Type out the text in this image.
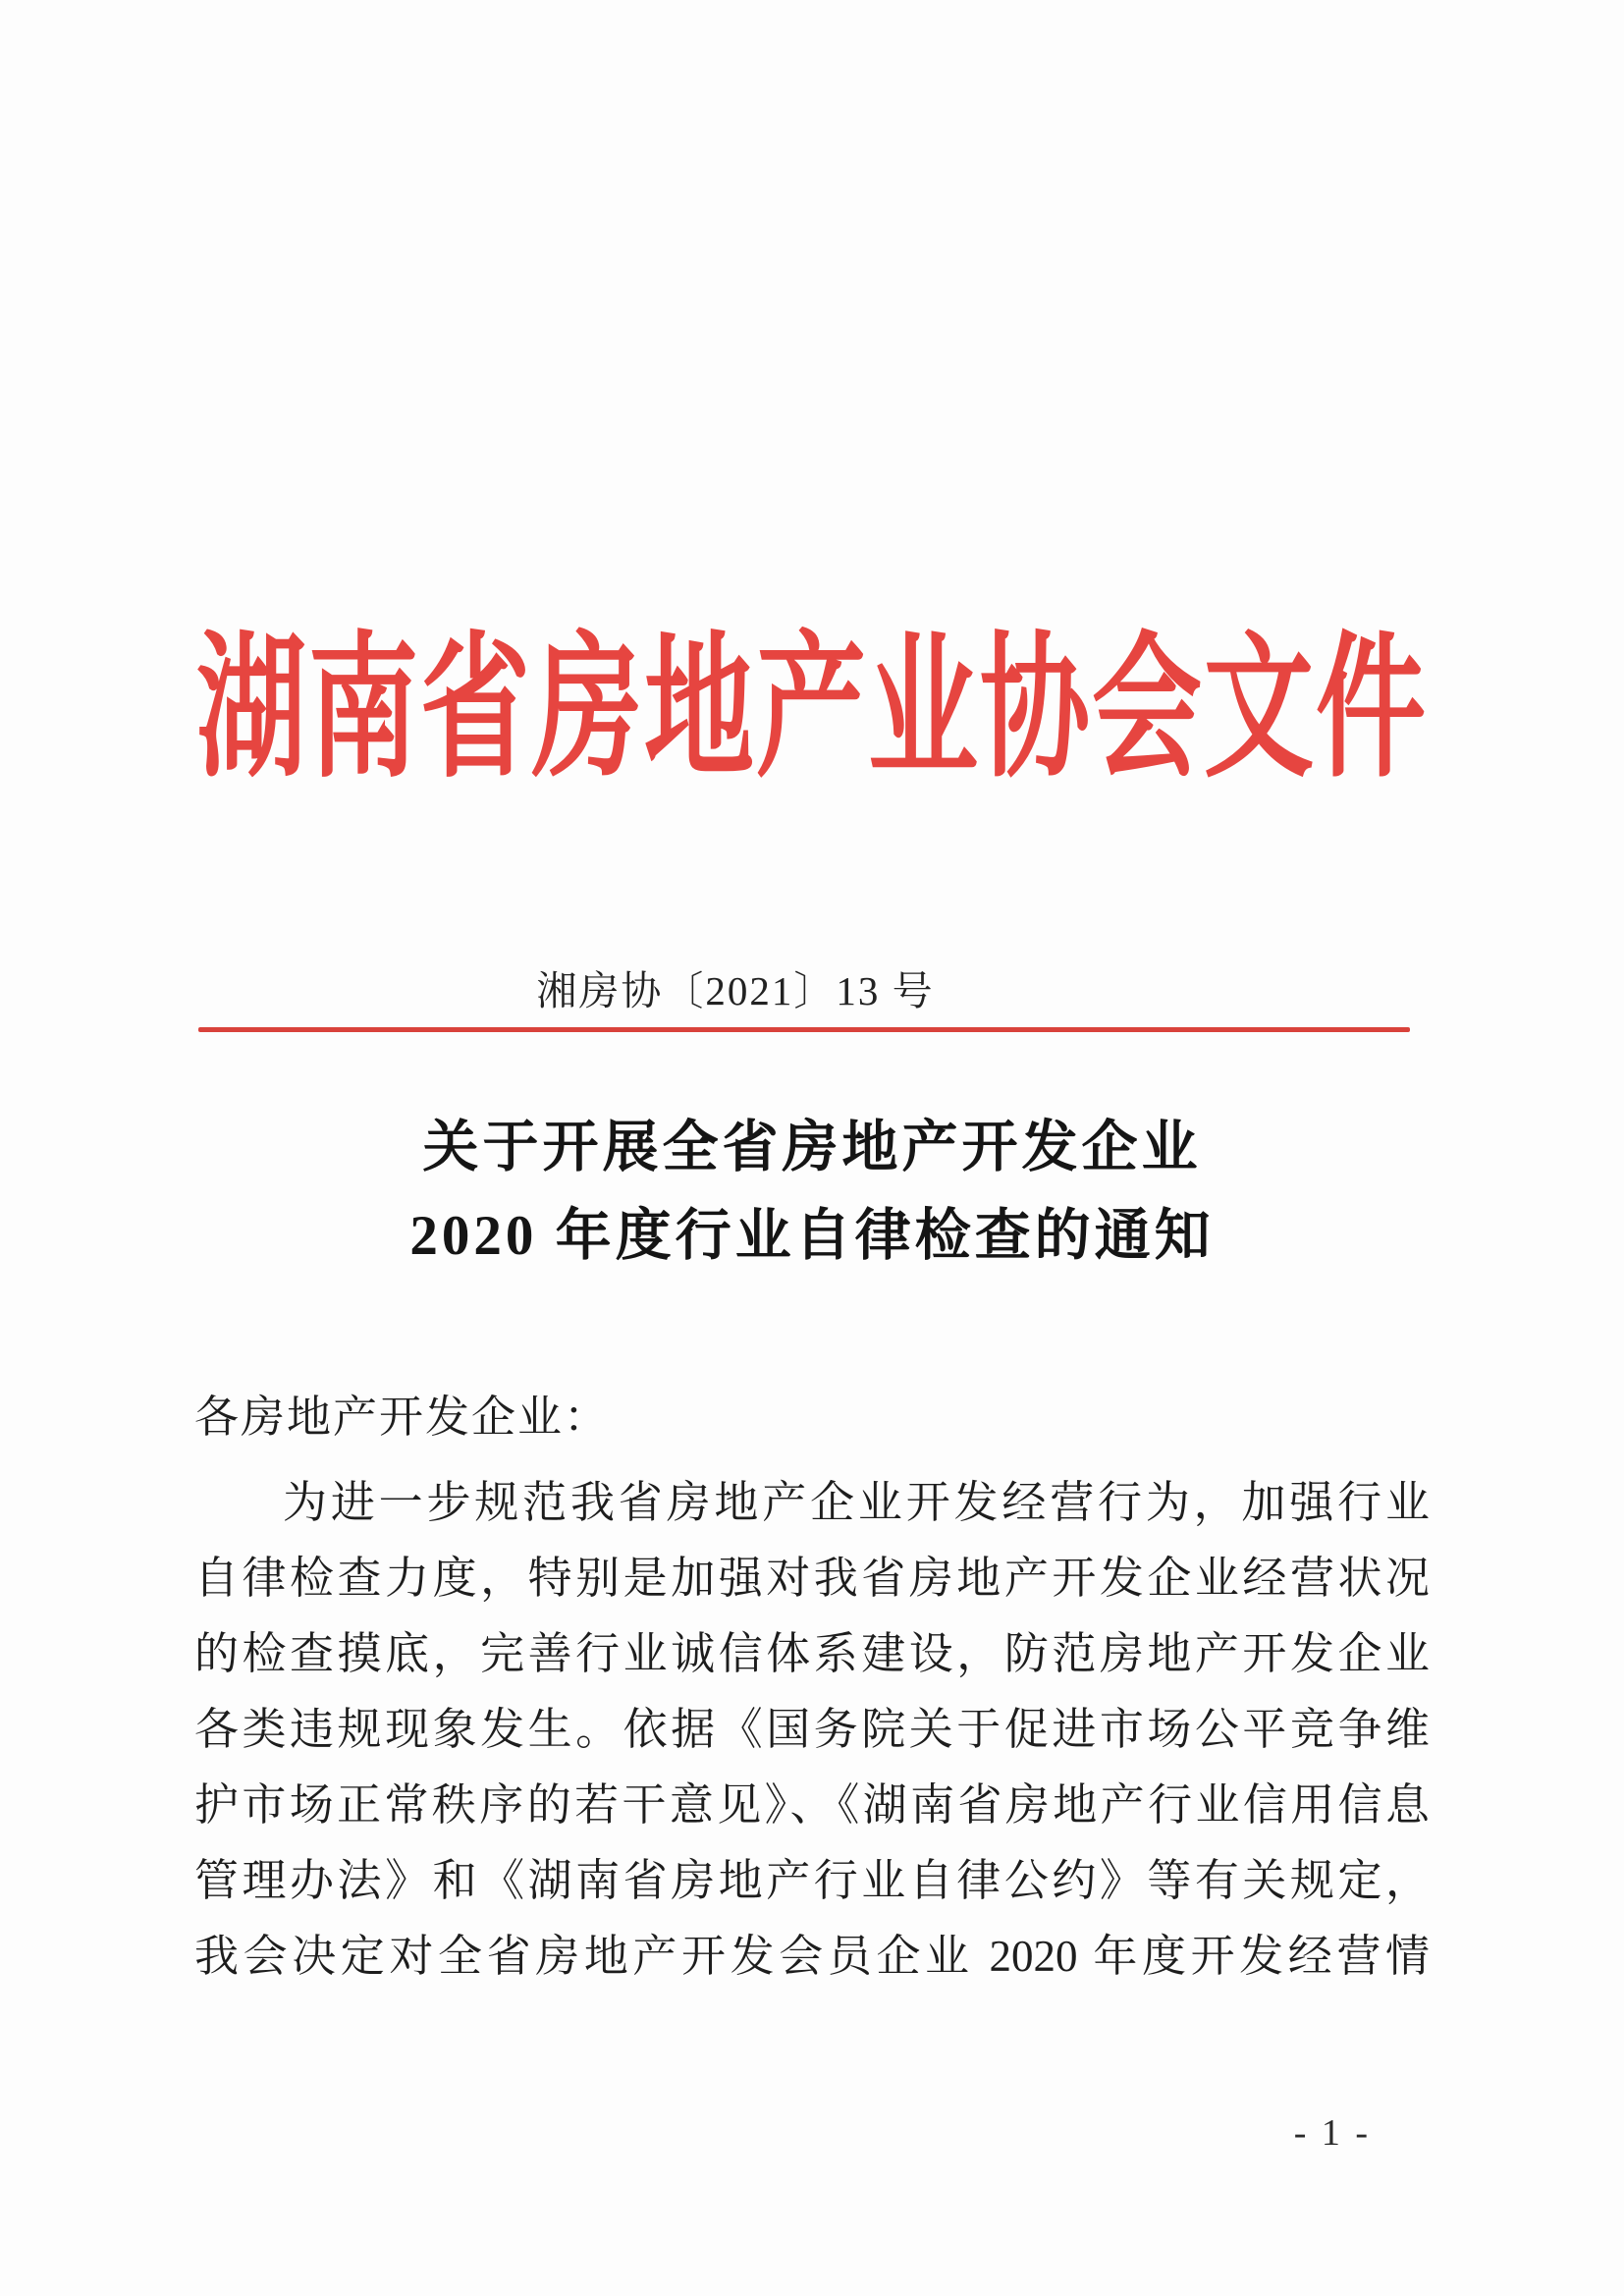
湖南省房地产业协会文件
湘房协〔2021〕13 号
关于开展全省房地产开发企业
2020 年度行业自律检查的通知
各房地产开发企业：
为进一步规范我省房地产企业开发经营行为，加强行业
自律检查力度，特别是加强对我省房地产开发企业经营状况
的检查摸底，完善行业诚信体系建设，防范房地产开发企业
各类违规现象发生。依据《国务院关于促进市场公平竞争维
护市场正常秩序的若干意见》、《湖南省房地产行业信用信息
管理办法》和《湖南省房地产行业自律公约》等有关规定，
我会决定对全省房地产开发会员企业 2020 年度开发经营情
- 1 -
